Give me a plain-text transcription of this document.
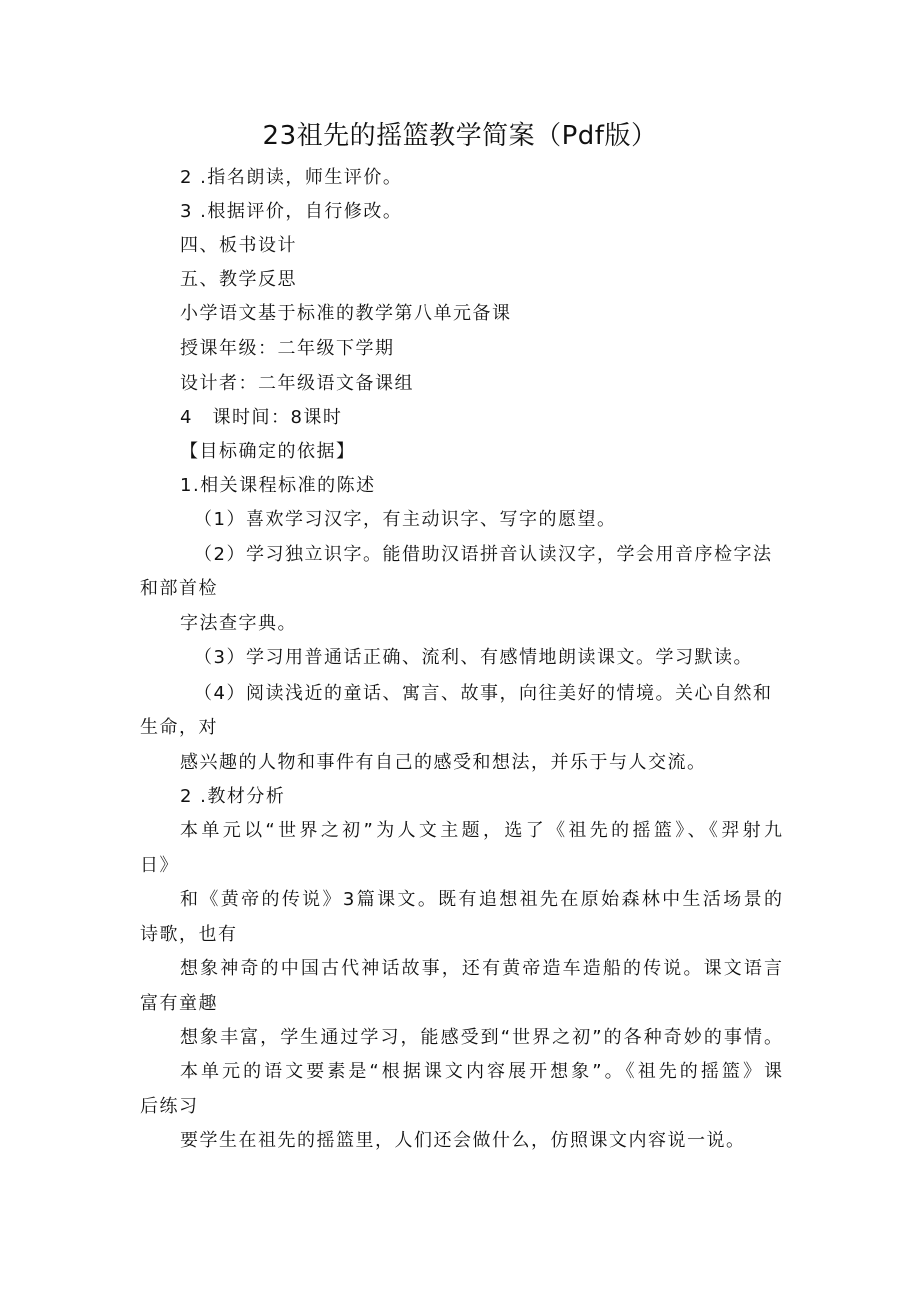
23祖先的摇篮教学简案（Pdf版）
2 .指名朗读，师生评价。
3 .根据评价，自行修改。
四、板书设计
五、教学反思
小学语文基于标准的教学第八单元备课
授课年级：二年级下学期
设计者：二年级语文备课组
4　课时间：8课时
【目标确定的依据】
1.相关课程标准的陈述
（1）喜欢学习汉字，有主动识字、写字的愿望。
（2）学习独立识字。能借助汉语拼音认读汉字，学会用音序检字法
和部首检
字法查字典。
（3）学习用普通话正确、流利、有感情地朗读课文。学习默读。
（4）阅读浅近的童话、寓言、故事，向往美好的情境。关心自然和
生命，对
感兴趣的人物和事件有自己的感受和想法，并乐于与人交流。
2 .教材分析
本单元以“世界之初”为人文主题，选了《祖先的摇篮》、《羿射九
日》
和《黄帝的传说》3篇课文。既有追想祖先在原始森林中生活场景的
诗歌，也有
想象神奇的中国古代神话故事，还有黄帝造车造船的传说。课文语言
富有童趣
想象丰富，学生通过学习，能感受到“世界之初”的各种奇妙的事情。
本单元的语文要素是“根据课文内容展开想象”。《祖先的摇篮》课
后练习
要学生在祖先的摇篮里，人们还会做什么，仿照课文内容说一说。
